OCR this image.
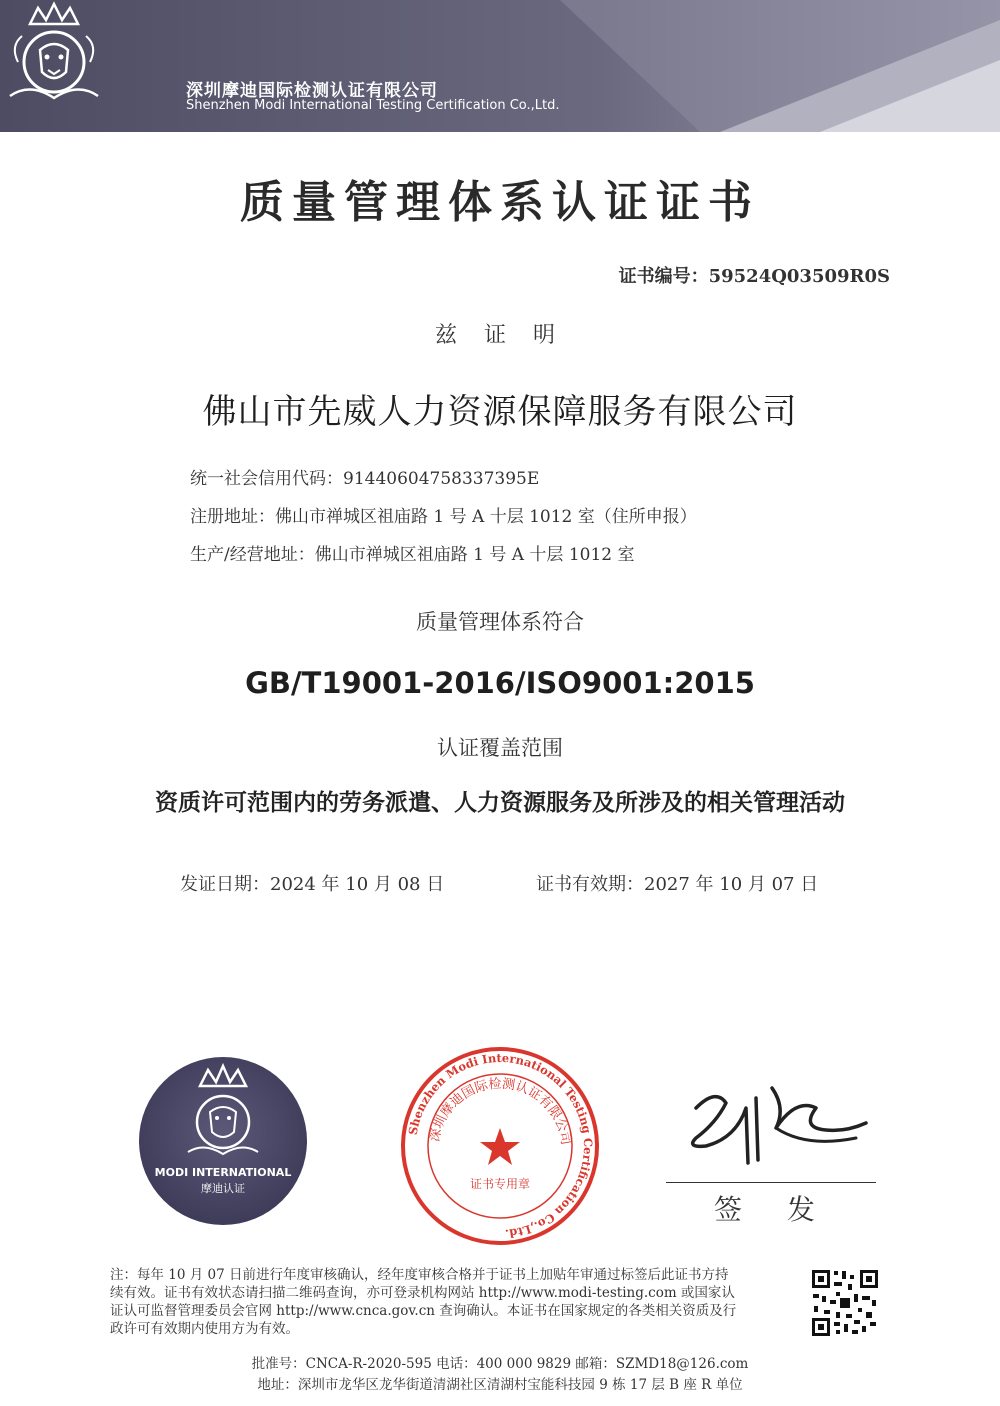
深圳摩迪国际检测认证有限公司
Shenzhen Modi International Testing Certification Co.,Ltd.
质量管理体系认证证书
证书编号：59524Q03509R0S
兹 证 明
佛山市先威人力资源保障服务有限公司
统一社会信用代码：91440604758337395E
注册地址：佛山市禅城区祖庙路 1 号 A 十层 1012 室（住所申报）
生产/经营地址：佛山市禅城区祖庙路 1 号 A 十层 1012 室
质量管理体系符合
GB/T19001-2016/ISO9001:2015
认证覆盖范围
资质许可范围内的劳务派遣、人力资源服务及所涉及的相关管理活动
发证日期：2024 年 10 月 08 日	证书有效期：2027 年 10 月 07 日
MODI INTERNATIONAL
摩迪认证
Shenzhen Modi International Testing Certification Co.,Ltd.
深圳摩迪国际检测认证有限公司
证书专用章
签 发
注：每年 10 月 07 日前进行年度审核确认，经年度审核合格并于证书上加贴年审通过标签后此证书方持
续有效。证书有效状态请扫描二维码查询，亦可登录机构网站 http://www.modi-testing.com 或国家认
证认可监督管理委员会官网 http://www.cnca.gov.cn 查询确认。本证书在国家规定的各类相关资质及行
政许可有效期内使用方为有效。
批准号：CNCA-R-2020-595 电话：400 000 9829 邮箱：SZMD18@126.com
地址：深圳市龙华区龙华街道清湖社区清湖村宝能科技园 9 栋 17 层 B 座 R 单位
